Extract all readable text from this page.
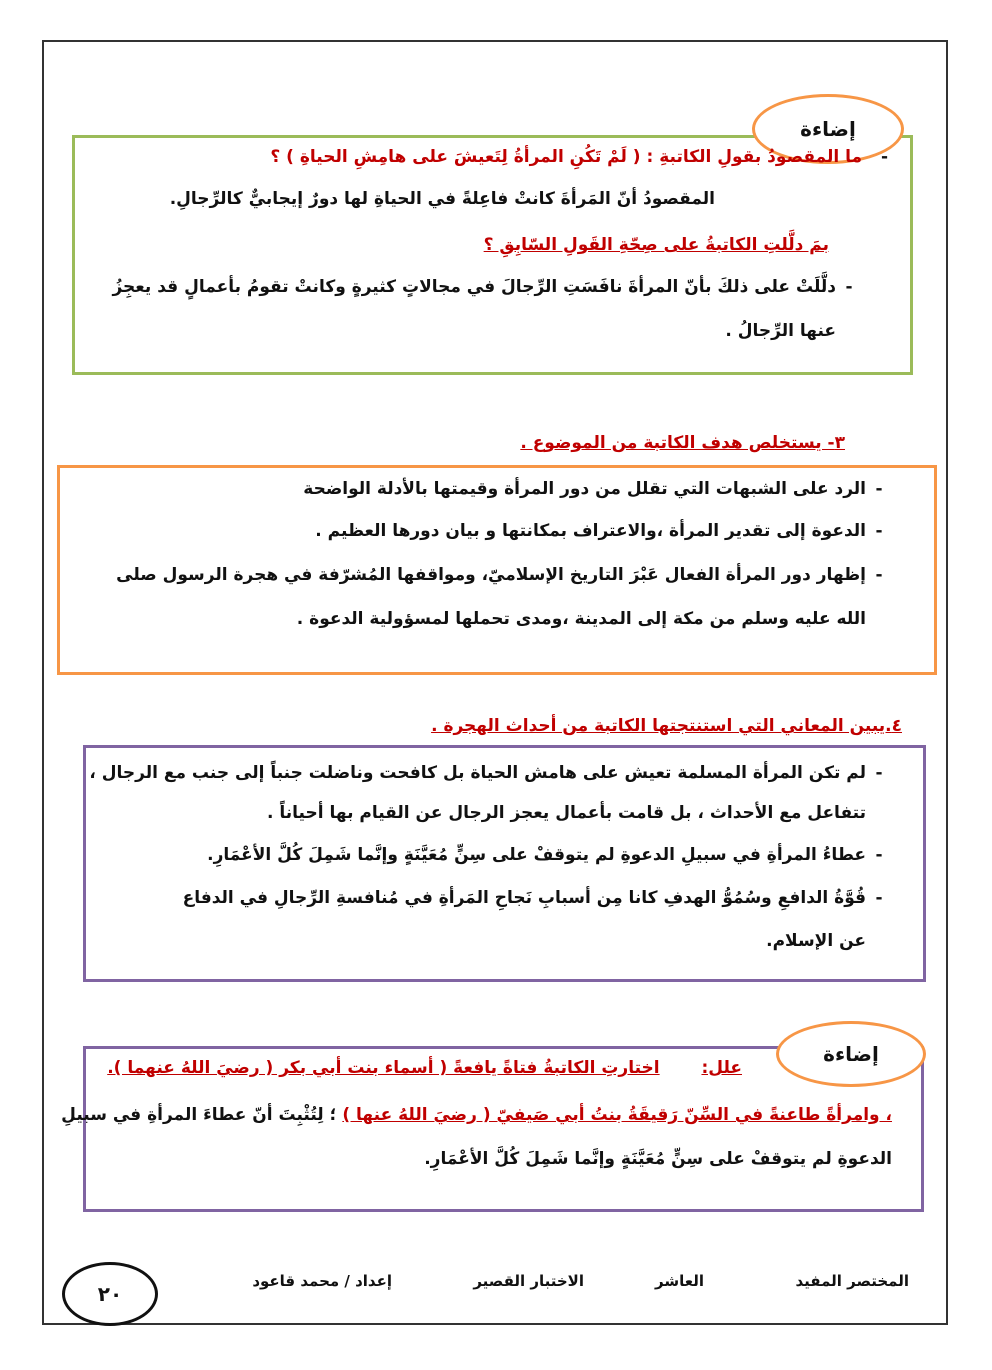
إضاءة
ما المقصودُ بقولِ الكاتبةِ : ( لَمْ تَكُنِ المرأةُ لِتَعيشَ على هامِشِ الحياةِ ) ؟ -
المقصودُ أنّ المَرأةَ كانتْ فاعِلةً في الحياةِ لها دورٌ إيجابيٌّ كالرِّجالِ.
بمَ دلَّلتِ الكاتبةُ على صِحّةِ القَولِ السّابِقِ ؟
-دلَّلَتْ على ذلكَ بأنّ المرأةَ نافَسَتِ الرِّجالَ في مجالاتٍ كثيرةٍ وكانتْ تقومُ بأعمالٍ قد يعجِزُ
عنها الرِّجالُ .
٣- يستخلص هدف الكاتبة من الموضوع .
-الرد على الشبهات التي تقلل من دور المرأة وقيمتها بالأدلة الواضحة
-الدعوة إلى تقدير المرأة ،والاعتراف بمكانتها و بيان دورها العظيم .
-إظهار دور المرأة الفعال عَبْرَ التاريخ الإسلاميّ، ومواقفها المُشرّفة في هجرة الرسول صلى
الله عليه وسلم من مكة إلى المدينة ،ومدى تحملها لمسؤولية الدعوة .
٤.يبين المعاني التي استنتجتها الكاتبة من أحداث الهجرة .
-لم تكن المرأة المسلمة تعيش على هامش الحياة بل كافحت وناضلت جنباً إلى جنب مع الرجال ،
تتفاعل مع الأحداث ، بل قامت بأعمال يعجز الرجال عن القيام بها أحياناً .
-عطاءُ المرأةِ في سبيلِ الدعوةِ لم يتوقفْ على سِنٍّ مُعَيَّنَةٍ وإنَّما شَمِلَ كُلَّ الأعْمَارِ.
-قُوَّةُ الدافعِ وسُمُوُّ الهدفِ كانا مِن أسبابِ نَجاحِ المَرأةِ في مُنافسةِ الرِّجالِ في الدفاع
عن الإسلام.
إضاءة
علل:  اختارتِ الكاتبةُ فتاةً يافعةً ( أسماء بنت أبي بكر ( رضيَ اللهُ عنهما ).
، وامرأةً طاعنةً في السِّنّ رَقيقَةُ بنتُ أبي صَيفيّ ( رضيَ اللهُ عنها ) ؛ لِتُثْبِتَ أنّ عطاءَ المرأةِ في سبيلِ
الدعوةِ لم يتوقفْ على سِنٍّ مُعَيَّنَةٍ وإنَّما شَمِلَ كُلَّ الأعْمَارِ.
المختصر المفيد
العاشر
الاختبار القصير
إعداد / محمد قاعود
٢٠
